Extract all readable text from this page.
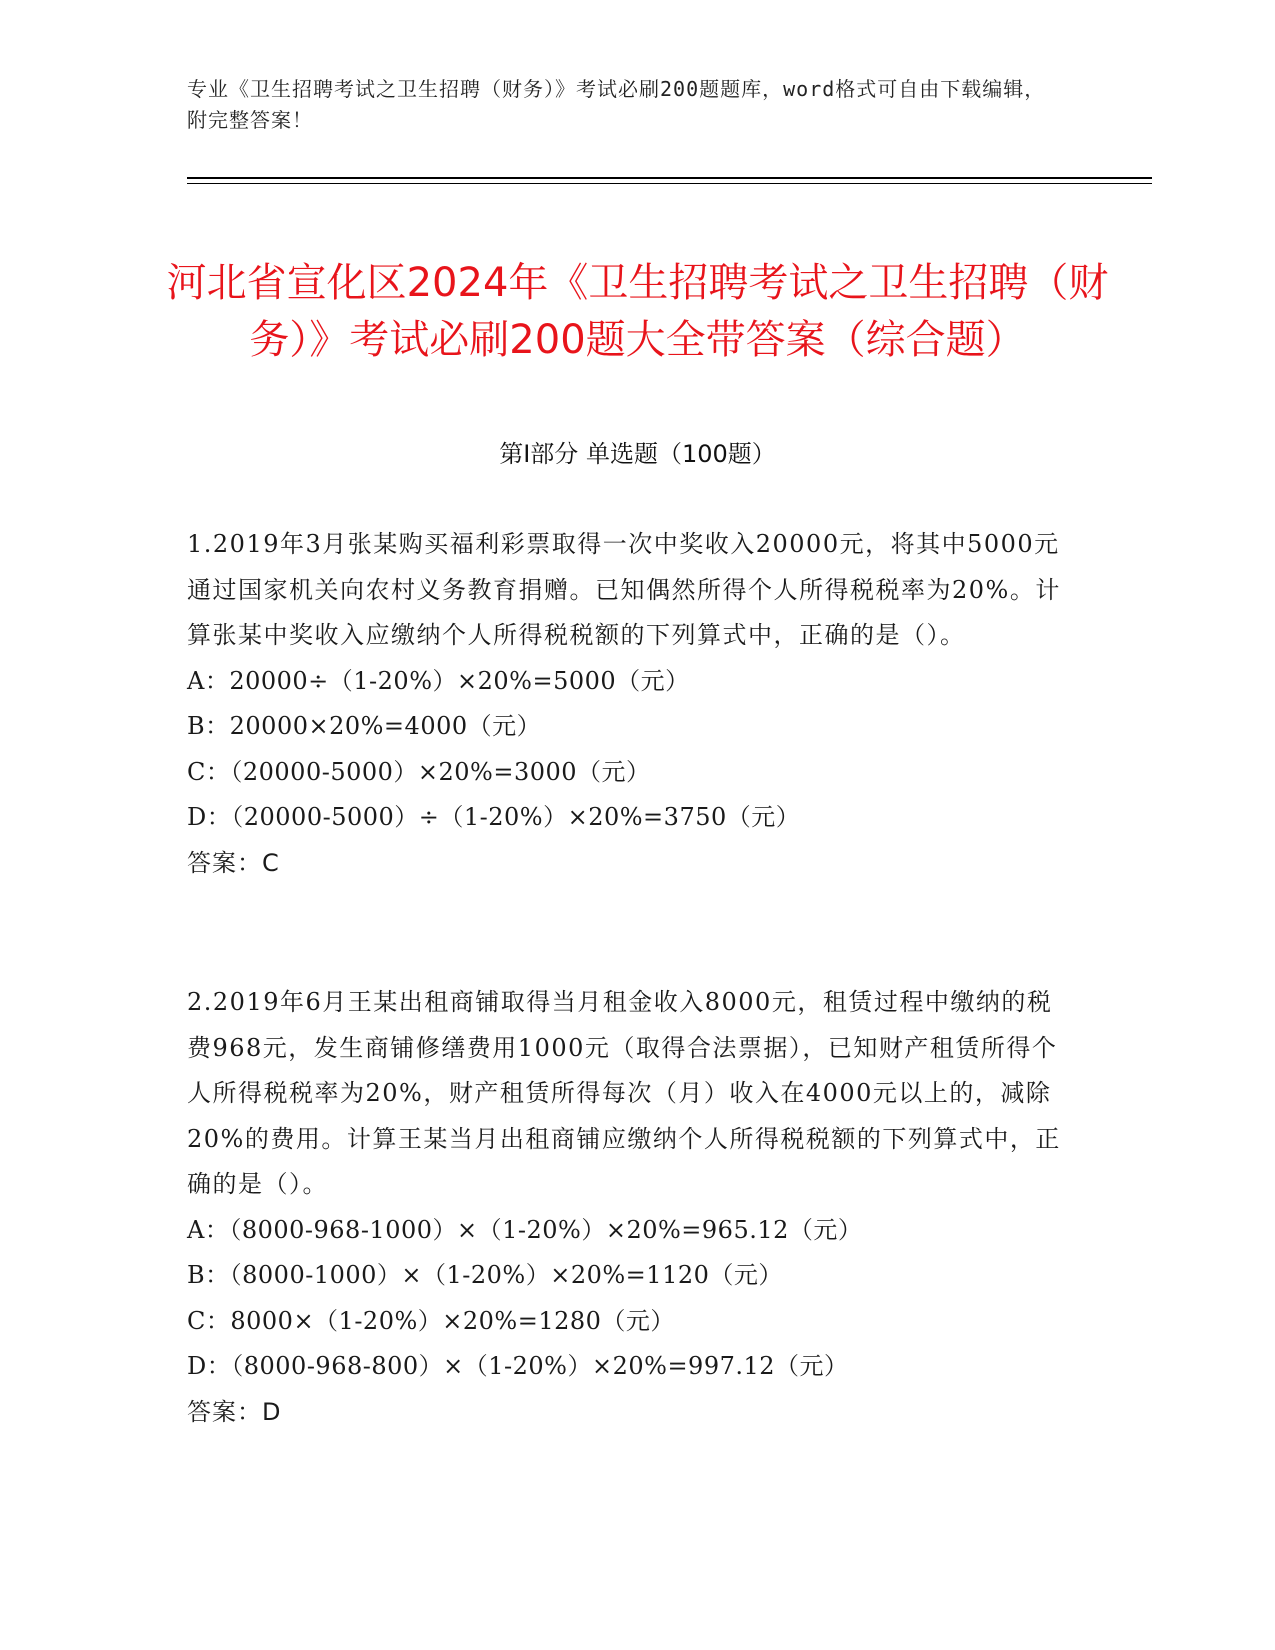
专业《卫生招聘考试之卫生招聘（财务）》考试必刷200题题库，word格式可自由下载编辑，附完整答案！
河北省宣化区2024年《卫生招聘考试之卫生招聘（财务）》考试必刷200题大全带答案（综合题）
第I部分 单选题（100题）

1.2019年3月张某购买福利彩票取得一次中奖收入20000元，将其中5000元通过国家机关向农村义务教育捐赠。已知偶然所得个人所得税税率为20%。计算张某中奖收入应缴纳个人所得税税额的下列算式中，正确的是（）。

A：20000÷（1-20%）×20%=5000（元）

B：20000×20%=4000（元）

C：（20000-5000）×20%=3000（元）

D：（20000-5000）÷（1-20%）×20%=3750（元）

答案：C

2.2019年6月王某出租商铺取得当月租金收入8000元，租赁过程中缴纳的税费968元，发生商铺修缮费用1000元（取得合法票据），已知财产租赁所得个人所得税税率为20%，财产租赁所得每次（月）收入在4000元以上的，减除20%的费用。计算王某当月出租商铺应缴纳个人所得税税额的下列算式中，正确的是（）。

A：（8000-968-1000）×（1-20%）×20%=965.12（元）

B：（8000-1000）×（1-20%）×20%=1120（元）

C：8000×（1-20%）×20%=1280（元）

D：（8000-968-800）×（1-20%）×20%=997.12（元）

答案：D
